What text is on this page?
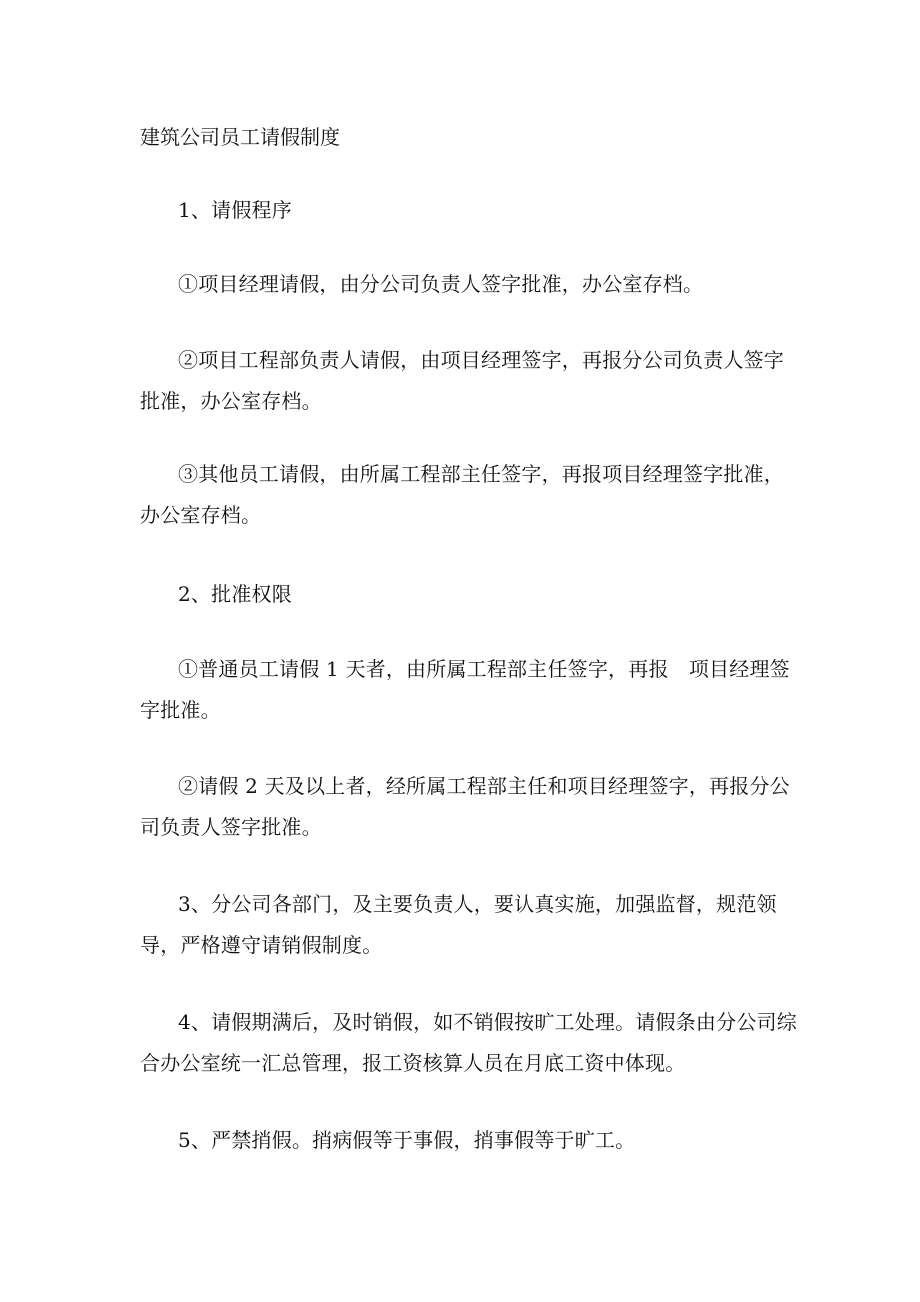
建筑公司员工请假制度
1、请假程序
①项目经理请假，由分公司负责人签字批准，办公室存档。
②项目工程部负责人请假，由项目经理签字，再报分公司负责人签字批准，办公室存档。
③其他员工请假，由所属工程部主任签字，再报项目经理签字批准，办公室存档。
2、批准权限
①普通员工请假 1 天者，由所属工程部主任签字，再报　项目经理签字批准。
②请假 2 天及以上者，经所属工程部主任和项目经理签字，再报分公司负责人签字批准。
3、分公司各部门，及主要负责人，要认真实施，加强监督，规范领导，严格遵守请销假制度。
4、请假期满后，及时销假，如不销假按旷工处理。请假条由分公司综合办公室统一汇总管理，报工资核算人员在月底工资中体现。
5、严禁捎假。捎病假等于事假，捎事假等于旷工。
